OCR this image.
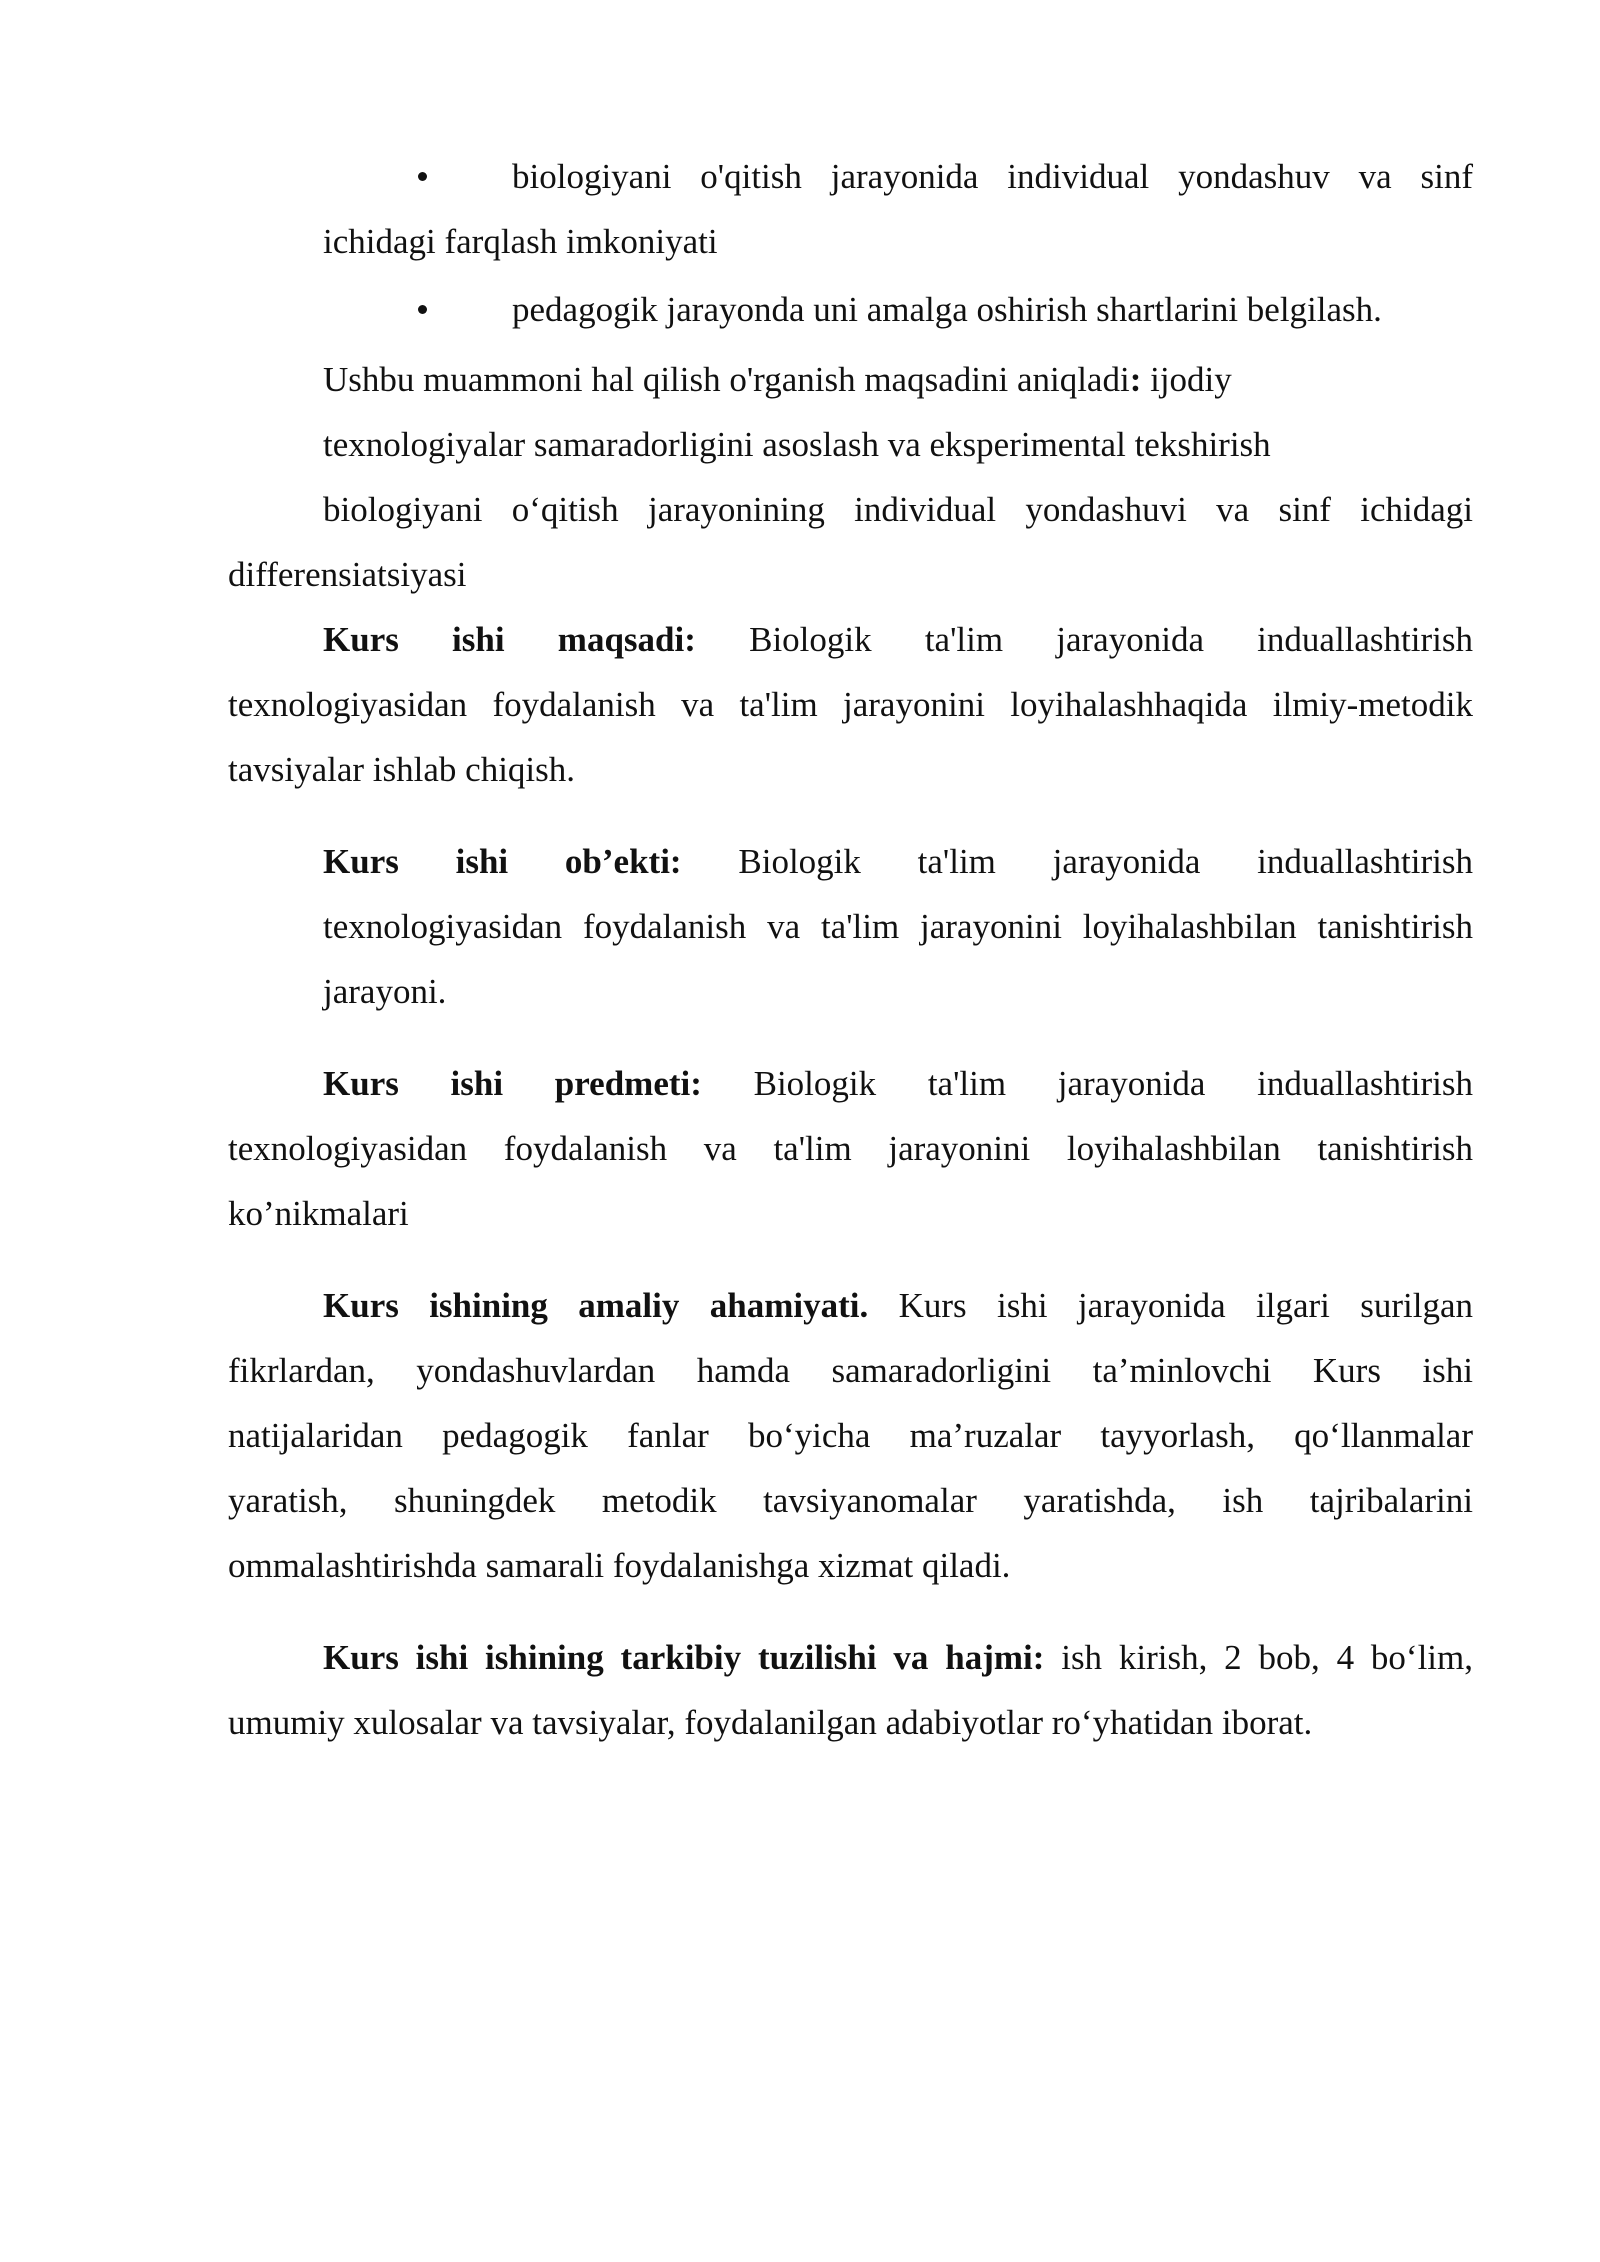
biologiyani o'qitish jarayonida individual yondashuv va sinf
ichidagi farqlash imkoniyati
pedagogik jarayonda uni amalga oshirish shartlarini belgilash.
Ushbu muammoni hal qilish o'rganish maqsadini aniqladi: ijodiy
texnologiyalar samaradorligini asoslash va eksperimental tekshirish
biologiyani o‘qitish jarayonining individual yondashuvi va sinf ichidagi
differensiatsiyasi
Kurs ishi maqsadi: Biologik ta'lim jarayonida induallashtirish
texnologiyasidan foydalanish va ta'lim jarayonini loyihalashhaqida ilmiy-metodik
tavsiyalar ishlab chiqish.
Kurs ishi ob’ekti: Biologik ta'lim jarayonida induallashtirish
texnologiyasidan foydalanish va ta'lim jarayonini loyihalashbilan tanishtirish
jarayoni.
Kurs ishi predmeti: Biologik ta'lim jarayonida induallashtirish
texnologiyasidan foydalanish va ta'lim jarayonini loyihalashbilan tanishtirish
ko’nikmalari
Kurs ishining amaliy ahamiyati. Kurs ishi jarayonida ilgari surilgan
fikrlardan, yondashuvlardan hamda samaradorligini ta’minlovchi Kurs ishi
natijalaridan pedagogik fanlar bo‘yicha ma’ruzalar tayyorlash, qo‘llanmalar
yaratish, shuningdek metodik tavsiyanomalar yaratishda, ish tajribalarini
ommalashtirishda samarali foydalanishga xizmat qiladi.
Kurs ishi ishining tarkibiy tuzilishi va hajmi: ish kirish, 2 bob, 4 bo‘lim,
umumiy xulosalar va tavsiyalar, foydalanilgan adabiyotlar ro‘yhatidan iborat.
